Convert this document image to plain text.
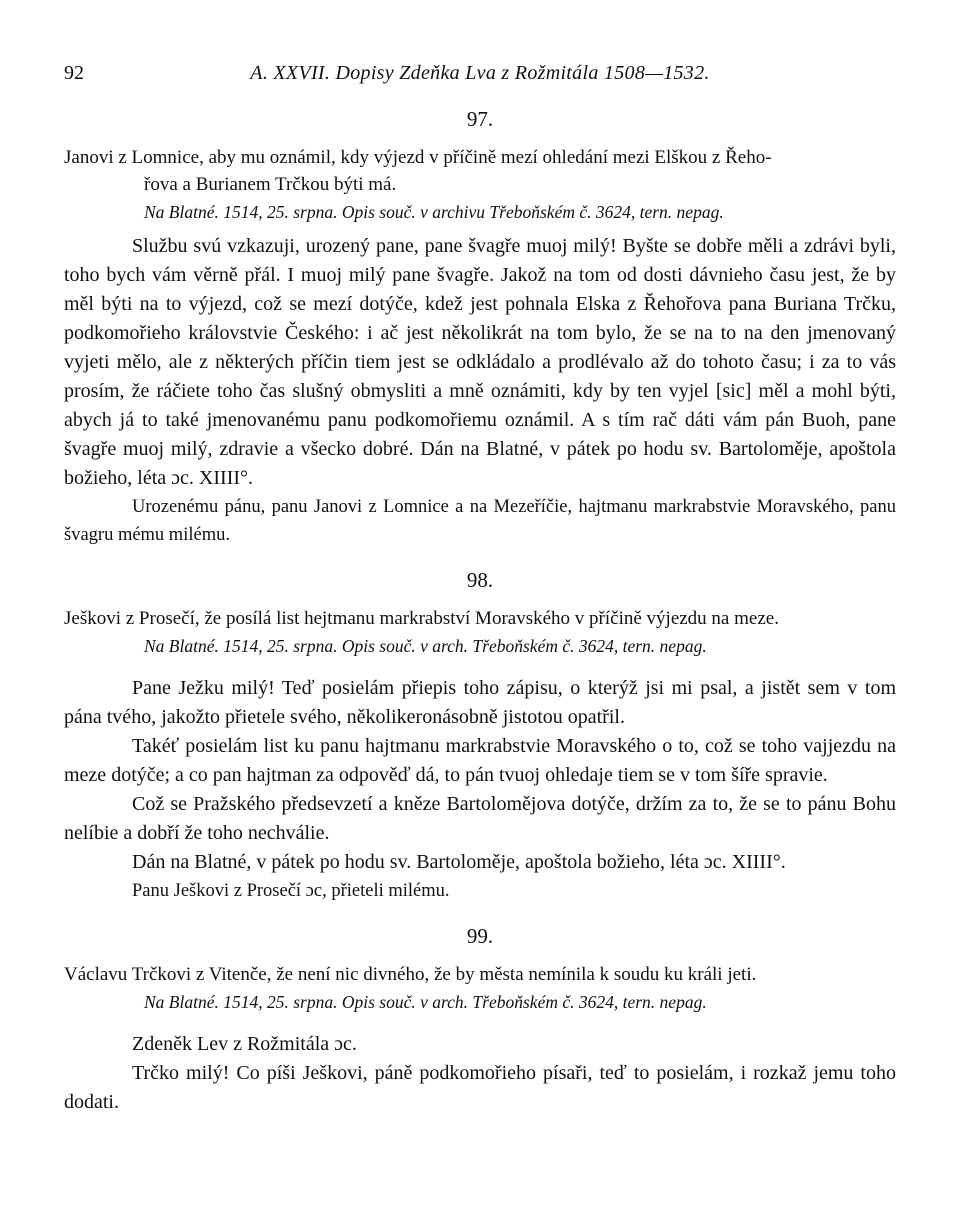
92	A. XXVII. Dopisy Zdeňka Lva z Rožmitála 1508—1532.
97.
Janovi z Lomnice, aby mu oznámil, kdy výjezd v příčině mezí ohledání mezi Elškou z Řeho-
řova a Burianem Trčkou býti má.
Na Blatné. 1514, 25. srpna. Opis souč. v archivu Třeboňském č. 3624, tern. nepag.

Službu svú vzkazuji, urozený pane, pane švagře muoj milý! Byšte se dobře měli a zdrávi byli, toho bych vám věrně přál. I muoj milý pane švagře. Jakož na tom od dosti dávnieho času jest, že by měl býti na to výjezd, což se mezí dotýče, kdež jest pohnala Elska z Řehořova pana Buriana Trčku, podkomořieho královstvie Českého: i ač jest několikrát na tom bylo, že se na to na den jmenovaný vyjeti mělo, ale z některých příčin tiem jest se odkládalo a prodlévalo až do tohoto času; i za to vás prosím, že ráčiete toho čas slušný obmysliti a mně oznámiti, kdy by ten vyjel [sic] měl a mohl býti, abych já to také jmenovanému panu podkomořiemu oznámil. A s tím rač dáti vám pán Buoh, pane švagře muoj milý, zdravie a všecko dobré. Dán na Blatné, v pátek po hodu sv. Bartoloměje, apoštola božieho, léta ɔc. XIIII°.

Urozenému pánu, panu Janovi z Lomnice a na Mezeříčie, hajtmanu markrabstvie Moravského, panu švagru mému milému.

98.
Ješkovi z Prosečí, že posílá list hejtmanu markrabství Moravského v příčině výjezdu na meze.
Na Blatné. 1514, 25. srpna. Opis souč. v arch. Třeboňském č. 3624, tern. nepag.

Pane Ježku milý! Teď posielám přiepis toho zápisu, o kterýž jsi mi psal, a jistět sem v tom pána tvého, jakožto přietele svého, několikeronásobně jistotou opatřil.

Takéť posielám list ku panu hajtmanu markrabstvie Moravského o to, což se toho vajjezdu na meze dotýče; a co pan hajtman za odpověď dá, to pán tvuoj ohledaje tiem se v tom šíře spravie.

Což se Pražského předsevzetí a kněze Bartolomějova dotýče, držím za to, že se to pánu Bohu nelíbie a dobří že toho nechválie.

Dán na Blatné, v pátek po hodu sv. Bartoloměje, apoštola božieho, léta ɔc. XIIII°.

Panu Ješkovi z Prosečí ɔc, přieteli milému.

99.
Václavu Trčkovi z Vitenče, že není nic divného, že by města nemínila k soudu ku králi jeti.
Na Blatné. 1514, 25. srpna. Opis souč. v arch. Třeboňském č. 3624, tern. nepag.

Zdeněk Lev z Rožmitála ɔc.

Trčko milý! Co píši Ješkovi, páně podkomořieho písaři, teď to posielám, i rozkaž jemu toho dodati.
